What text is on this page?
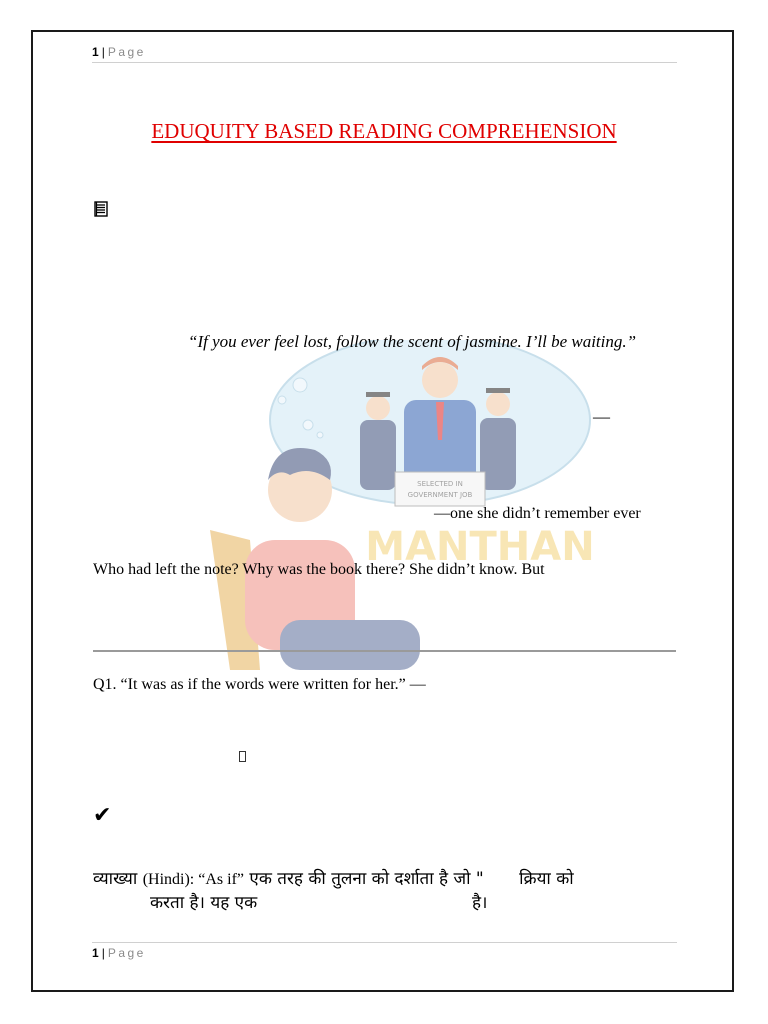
1 | Page
EDUQUITY BASED READING COMPREHENSION
SELECTED IN
GOVERNMENT JOB
MANTHAN
“If you ever feel lost, follow the scent of jasmine. I’ll be waiting.”
—
—one she didn’t remember ever
Who had left the note? Why was the book there? She didn’t know. But
Q1. “It was as if the words were written for her.” —
✔
व्याख्या (Hindi): “As if” एक तरह की तुलना को दर्शाता है जो " क्रिया को
करता है। यह एक	है।
1 | Page
